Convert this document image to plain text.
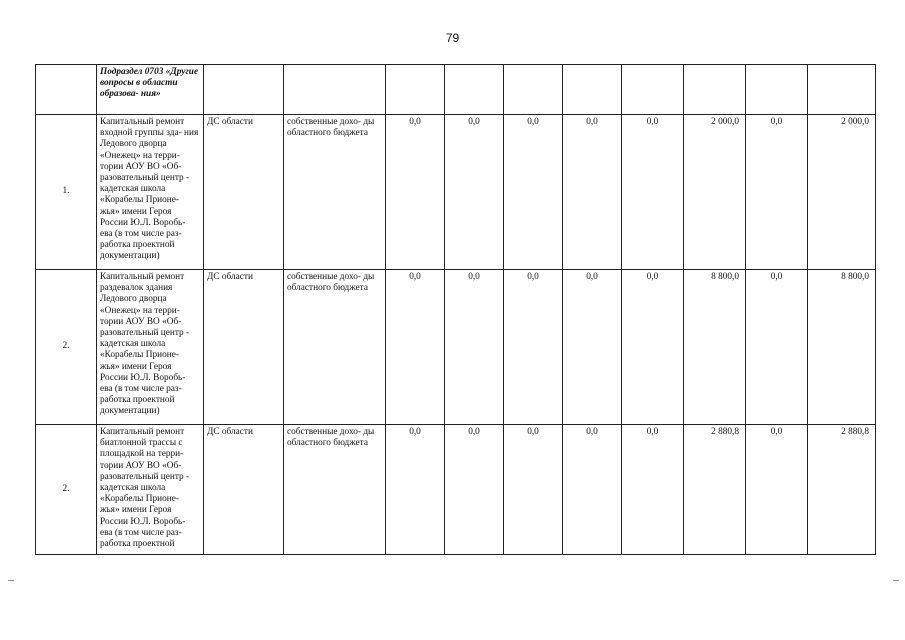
79
	Подраздел 0703 «Другие вопросы в области образова- ния»										
1.	Капитальный ремонт входной группы зда- ния Ледового дворца «Онежец» на терри- тории АОУ ВО «Об- разовательный центр - кадетская школа «Корабелы Прионе- жья» имени Героя России Ю.Л. Воробь- ева (в том числе раз- работка проектной документации)	ДС области	собственные дохо- ды областного бюджета	0,0	0,0	0,0	0,0	0,0	2 000,0	0,0	2 000,0
2.	Капитальный ремонт раздевалок здания Ледового дворца «Онежец» на терри- тории АОУ ВО «Об- разовательный центр - кадетская школа «Корабелы Прионе- жья» имени Героя России Ю.Л. Воробь- ева (в том числе раз- работка проектной документации)	ДС области	собственные дохо- ды областного бюджета	0,0	0,0	0,0	0,0	0,0	8 800,0	0,0	8 800,0
2.	Капитальный ремонт биатлонной трассы с площадкой на терри- тории АОУ ВО «Об- разовательный центр - кадетская школа «Корабелы Прионе- жья» имени Героя России Ю.Л. Воробь- ева (в том числе раз- работка проектной	ДС области	собственные дохо- ды областного бюджета	0,0	0,0	0,0	0,0	0,0	2 880,8	0,0	2 880,8
